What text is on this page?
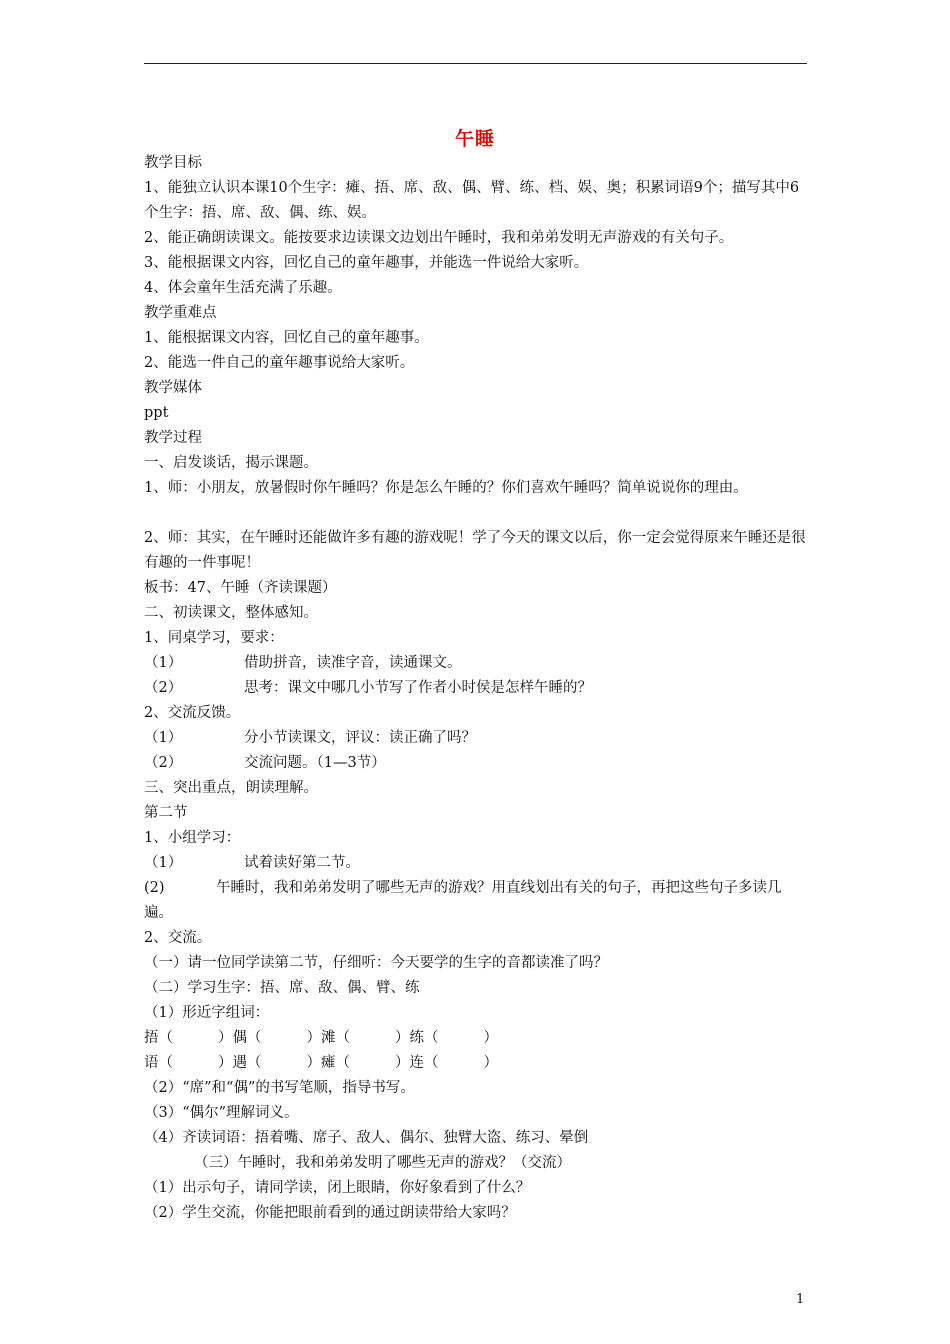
午睡
教学目标
1、能独立认识本课10个生字：瘫、捂、席、敌、偶、臂、练、档、娱、奥；积累词语9个；描写其中6个生字：捂、席、敌、偶、练、娱。
2、能正确朗读课文。能按要求边读课文边划出午睡时，我和弟弟发明无声游戏的有关句子。
3、能根据课文内容，回忆自己的童年趣事，并能选一件说给大家听。
4、体会童年生活充满了乐趣。
教学重难点
1、能根据课文内容，回忆自己的童年趣事。
2、能选一件自己的童年趣事说给大家听。
教学媒体
ppt
教学过程
一、启发谈话，揭示课题。
1、师：小朋友，放暑假时你午睡吗？你是怎么午睡的？你们喜欢午睡吗？简单说说你的理由。
2、师：其实，在午睡时还能做许多有趣的游戏呢！学了今天的课文以后，你一定会觉得原来午睡还是很有趣的一件事呢！
板书：47、午睡（齐读课题）
二、初读课文，整体感知。
1、同桌学习，要求：
（1）	借助拼音，读准字音，读通课文。
（2）	思考：课文中哪几小节写了作者小时侯是怎样午睡的？
2、交流反馈。
（1）	分小节读课文，评议：读正确了吗？
（2）	交流问题。（1—3节）
三、突出重点，朗读理解。
第二节
1、小组学习：
（1）	试着读好第二节。
(2)	午睡时，我和弟弟发明了哪些无声的游戏？用直线划出有关的句子，再把这些句子多读几遍。
2、交流。
（一）请一位同学读第二节，仔细听：今天要学的生字的音都读准了吗？
（二）学习生字：捂、席、敌、偶、臂、练
（1）形近字组词：
捂（	）偶（	）滩（	）练（	）
语（	）遇（	）瘫（	）连（	）
（2）“席”和“偶”的书写笔顺，指导书写。
（3）“偶尔”理解词义。
（4）齐读词语：捂着嘴、席子、敌人、偶尔、独臂大盗、练习、晕倒
（三）午睡时，我和弟弟发明了哪些无声的游戏？（交流）
（1）出示句子，请同学读，闭上眼睛，你好象看到了什么？
（2）学生交流，你能把眼前看到的通过朗读带给大家吗？
1
